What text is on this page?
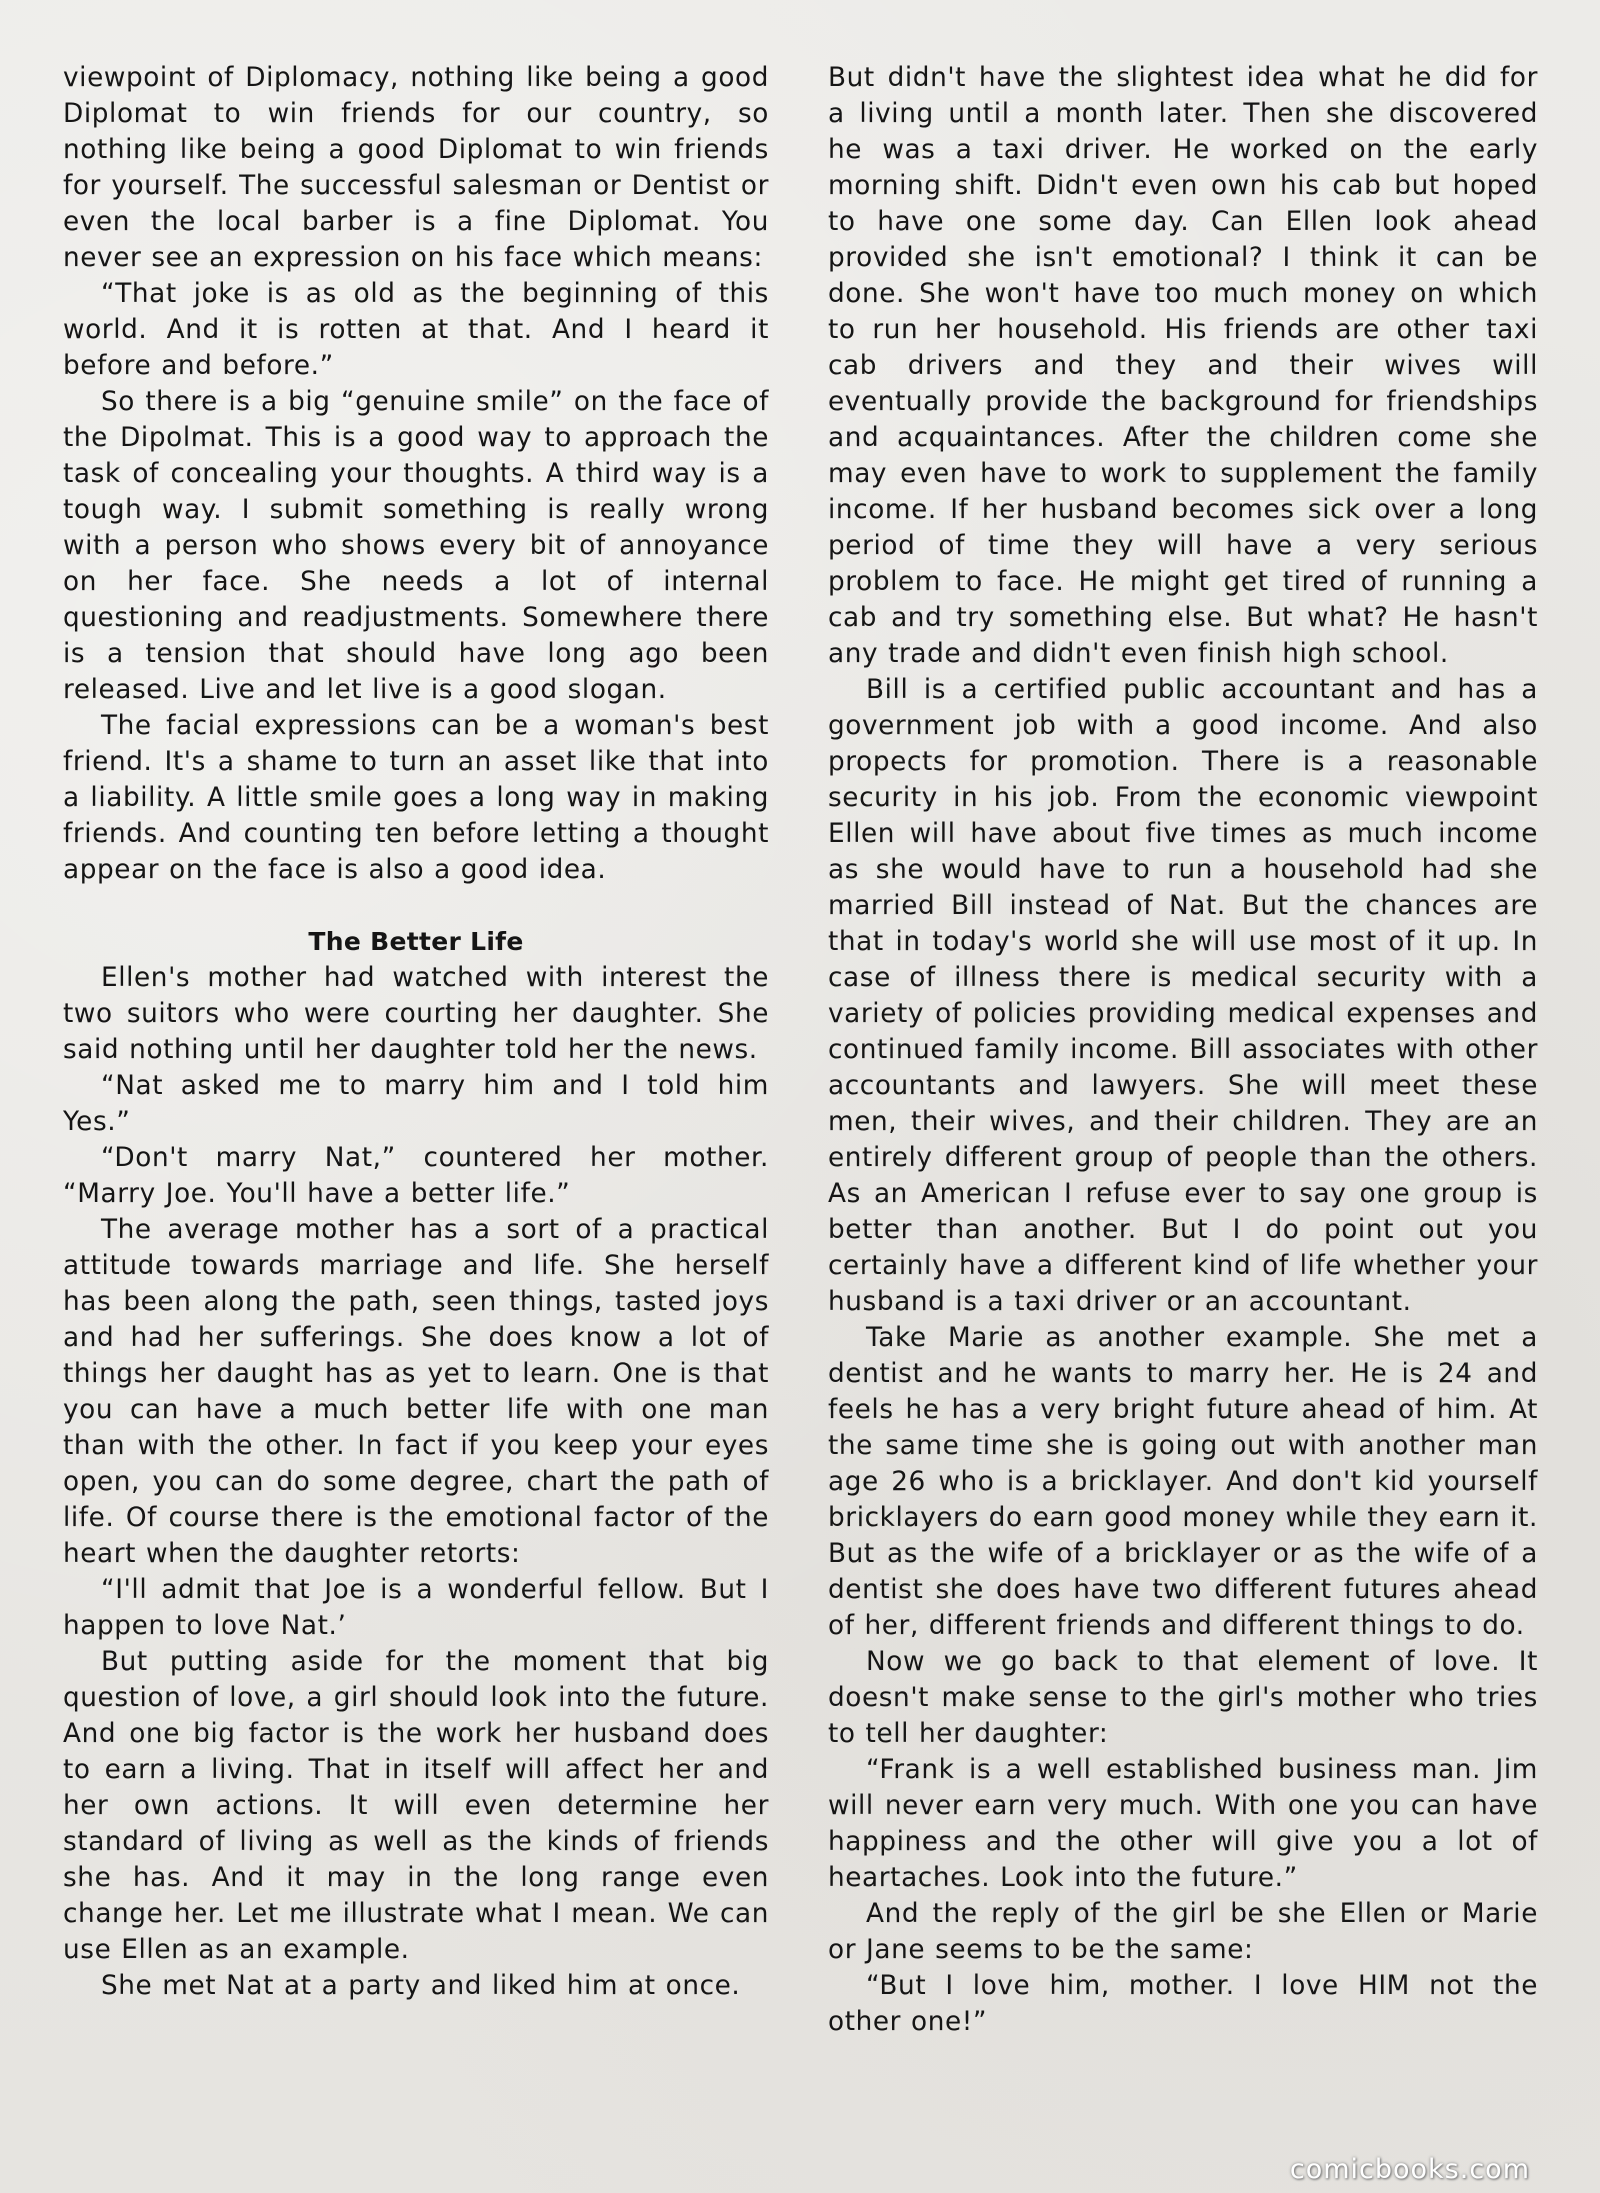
viewpoint of Diplomacy, nothing like being a good Diplomat to win friends for our country, so nothing like being a good Diplomat to win friends for yourself. The successful salesman or Dentist or even the local barber is a fine Diplomat. You never see an expression on his face which means:

“That joke is as old as the beginning of this world. And it is rotten at that. And I heard it before and before.”

So there is a big “genuine smile” on the face of the Dipolmat. This is a good way to approach the task of concealing your thoughts. A third way is a tough way. I submit something is really wrong with a person who shows every bit of annoyance on her face. She needs a lot of internal questioning and readjustments. Somewhere there is a tension that should have long ago been released. Live and let live is a good slogan.

The facial expressions can be a woman's best friend. It's a shame to turn an asset like that into a liability. A little smile goes a long way in making friends. And counting ten before letting a thought appear on the face is also a good idea.

The Better Life

Ellen's mother had watched with interest the two suitors who were courting her daughter. She said nothing until her daughter told her the news.

“Nat asked me to marry him and I told him Yes.”

“Don't marry Nat,” countered her mother. “Marry Joe. You'll have a better life.”

The average mother has a sort of a practical attitude towards marriage and life. She herself has been along the path, seen things, tasted joys and had her sufferings. She does know a lot of things her daught has as yet to learn. One is that you can have a much better life with one man than with the other. In fact if you keep your eyes open, you can do some degree, chart the path of life. Of course there is the emotional factor of the heart when the daughter retorts:

“I'll admit that Joe is a wonderful fellow. But I happen to love Nat.’

But putting aside for the moment that big question of love, a girl should look into the future. And one big factor is the work her husband does to earn a living. That in itself will affect her and her own actions. It will even determine her standard of living as well as the kinds of friends she has. And it may in the long range even change her. Let me illustrate what I mean. We can use Ellen as an example.

She met Nat at a party and liked him at once.

But didn't have the slightest idea what he did for a living until a month later. Then she discovered he was a taxi driver. He worked on the early morning shift. Didn't even own his cab but hoped to have one some day. Can Ellen look ahead provided she isn't emotional? I think it can be done. She won't have too much money on which to run her household. His friends are other taxi cab drivers and they and their wives will eventually provide the background for friendships and acquaintances. After the children come she may even have to work to supplement the family income. If her husband becomes sick over a long period of time they will have a very serious problem to face. He might get tired of running a cab and try something else. But what? He hasn't any trade and didn't even finish high school.

Bill is a certified public accountant and has a government job with a good income. And also propects for promotion. There is a reasonable security in his job. From the economic viewpoint Ellen will have about five times as much income as she would have to run a household had she married Bill instead of Nat. But the chances are that in today's world she will use most of it up. In case of illness there is medical security with a variety of policies providing medical expenses and continued family income. Bill associates with other accountants and lawyers. She will meet these men, their wives, and their children. They are an entirely different group of people than the others. As an American I refuse ever to say one group is better than another. But I do point out you certainly have a different kind of life whether your husband is a taxi driver or an accountant.

Take Marie as another example. She met a dentist and he wants to marry her. He is 24 and feels he has a very bright future ahead of him. At the same time she is going out with another man age 26 who is a bricklayer. And don't kid yourself bricklayers do earn good money while they earn it. But as the wife of a bricklayer or as the wife of a dentist she does have two different futures ahead of her, different friends and different things to do.

Now we go back to that element of love. It doesn't make sense to the girl's mother who tries to tell her daughter:

“Frank is a well established business man. Jim will never earn very much. With one you can have happiness and the other will give you a lot of heartaches. Look into the future.”

And the reply of the girl be she Ellen or Marie or Jane seems to be the same:

“But I love him, mother. I love HIM not the other one!”

comicbooks.com
